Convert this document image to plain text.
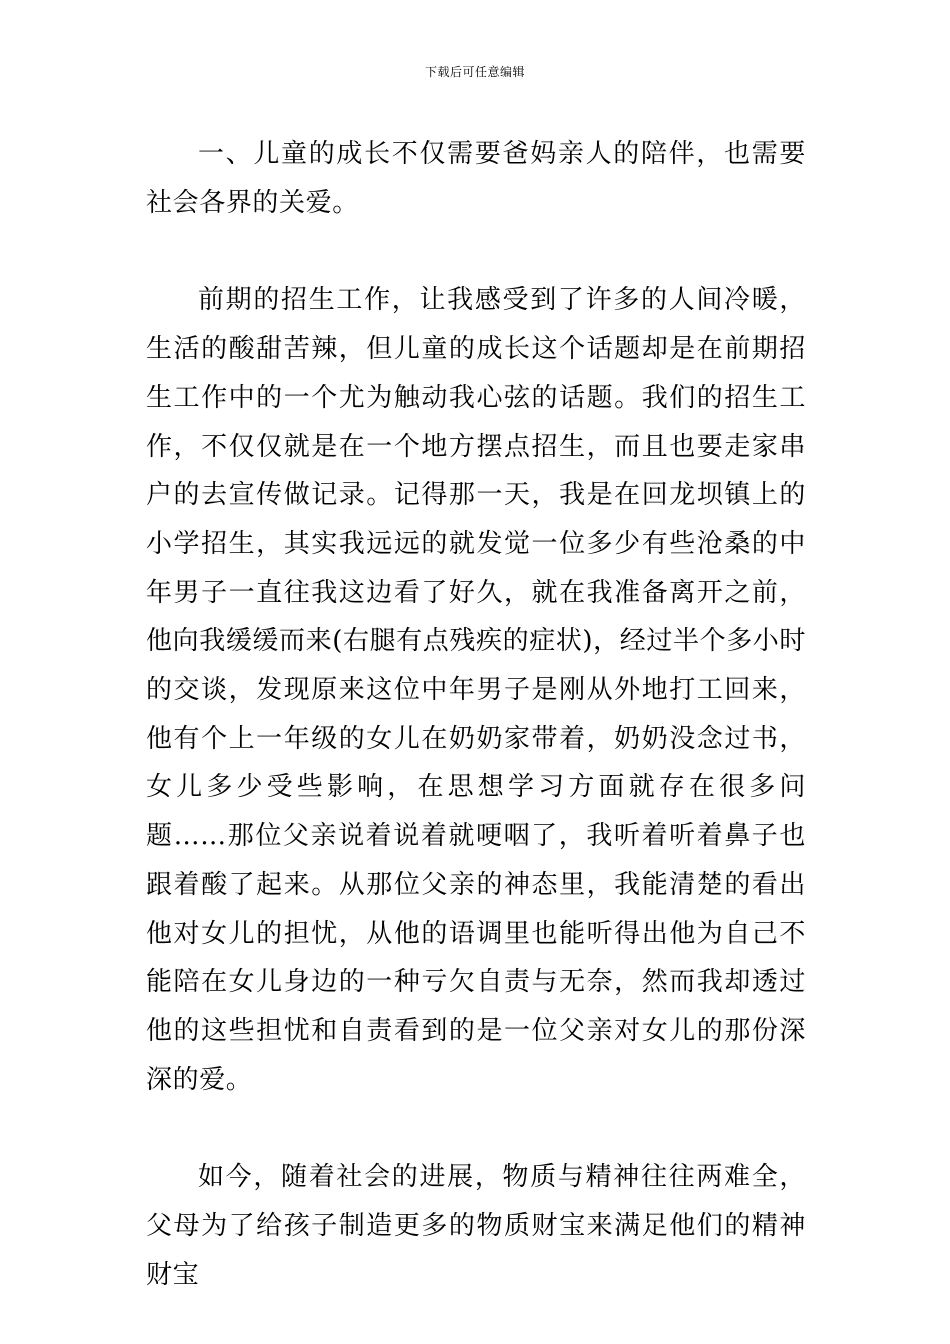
下载后可任意编辑

一、儿童的成长不仅需要爸妈亲人的陪伴，也需要社会各界的关爱。

前期的招生工作，让我感受到了许多的人间冷暖，生活的酸甜苦辣，但儿童的成长这个话题却是在前期招生工作中的一个尤为触动我心弦的话题。我们的招生工作，不仅仅就是在一个地方摆点招生，而且也要走家串户的去宣传做记录。记得那一天，我是在回龙坝镇上的小学招生，其实我远远的就发觉一位多少有些沧桑的中年男子一直往我这边看了好久，就在我准备离开之前，他向我缓缓而来(右腿有点残疾的症状)，经过半个多小时的交谈，发现原来这位中年男子是刚从外地打工回来，他有个上一年级的女儿在奶奶家带着，奶奶没念过书，女儿多少受些影响，在思想学习方面就存在很多问题……那位父亲说着说着就哽咽了，我听着听着鼻子也跟着酸了起来。从那位父亲的神态里，我能清楚的看出他对女儿的担忧，从他的语调里也能听得出他为自己不能陪在女儿身边的一种亏欠自责与无奈，然而我却透过他的这些担忧和自责看到的是一位父亲对女儿的那份深深的爱。

如今，随着社会的进展，物质与精神往往两难全，父母为了给孩子制造更多的物质财宝来满足他们的精神财宝
